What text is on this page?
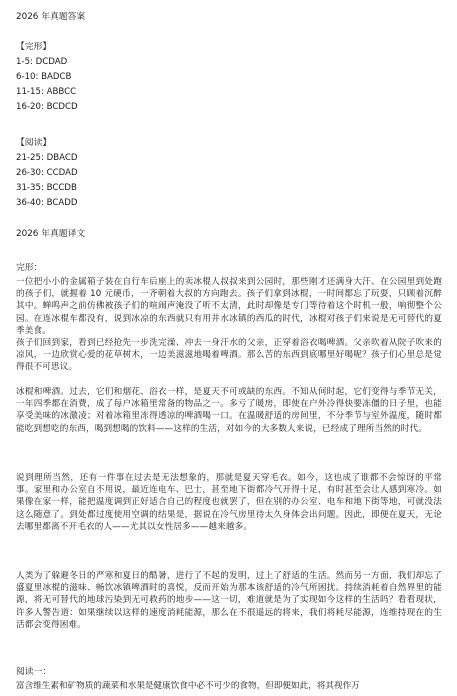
2026 年真题答案
【完形】
1-5: DCDAD
6-10: BADCB
11-15: ABBCC
16-20: BCDCD
【阅读】
21-25: DBACD
26-30: CCDAD
31-35: BCCDB
36-40: BCADD
2026 年真题译文
完形：
一位把小小的金属箱子装在自行车后座上的卖冰棍人叔叔来到公园时，那些刚才还满身大汗、在公园里到处跑的孩子们，就握着 10 元硬币，一齐朝着大叔的方向跑去。孩子们拿到冰棍，一时间都忘了玩耍，只顾着沉醉其中。蝉鸣声之前仿佛被孩子们的喧闹声淹没了听不太清，此时却像是专门等待着这个时机一般，响彻整个公园。在连冰棍车都没有，说到冰凉的东西就只有用井水冰镇的西瓜的时代，冰棍对孩子们来说是无可替代的夏季美食。
孩子们回到家，看到已经抢先一步洗完澡、冲去一身汗水的父亲，正穿着浴衣喝啤酒。父亲吹着从院子吹来的凉风，一边欣赏心爱的花草树木，一边美滋滋地喝着啤酒。那么苦的东西到底哪里好喝呢？孩子们心里总是觉得很不可思议。
冰棍和啤酒。过去，它们和烟花、浴衣一样，是夏天不可或缺的东西。不知从何时起，它们变得与季节无关，一年四季都在消费，成了每户冰箱里常备的物品之一。多亏了暖房，即使在户外冷得快要冻僵的日子里，也能享受美味的冰激凌；对着冰箱里冻得透凉的啤酒喝一口。在温暖舒适的房间里，不分季节与室外温度，随时都能吃到想吃的东西，喝到想喝的饮料——这样的生活，对如今的大多数人来说，已经成了理所当然的时代。
说到理所当然，还有一件事在过去是无法想象的，那就是夏天穿毛衣。如今，这也成了谁都不会惊讶的平常事。家里和办公室自不用说，最近连电车、巴士，甚至地下街都冷气开得十足，有时甚至会让人感到寒冷。如果像在家一样，能把温度调到正好适合自己的程度也就罢了，但在别的办公室、电车和地下街等地，可就没法这么随意了。到处都过度使用空调的结果是，据说在冷气房里待太久身体会出问题。因此，即便在夏天，无论去哪里都离不开毛衣的人——尤其以女性居多——越来越多。
人类为了躲避冬日的严寒和夏日的酷暑，进行了不起的发明，过上了舒适的生活。然而另一方面，我们却忘了盛夏里冰棍的滋味、畅饮冰镇啤酒时的喜悦，反而开始为那本该舒适的冷气所困扰。持续消耗着自然界里的能源，将无可替代的地球污染到无可救药的地步——这一切，难道就是为了实现如今这样的生活吗？看看现状，许多人警告道：如果继续以这样的速度消耗能源，那么在不很遥远的将来，我们将耗尽能源，连维持现在的生活都会变得困难。
阅读一：
富含维生素和矿物质的蔬菜和水果是健康饮食中必不可少的食物，但即便如此，将其视作万
